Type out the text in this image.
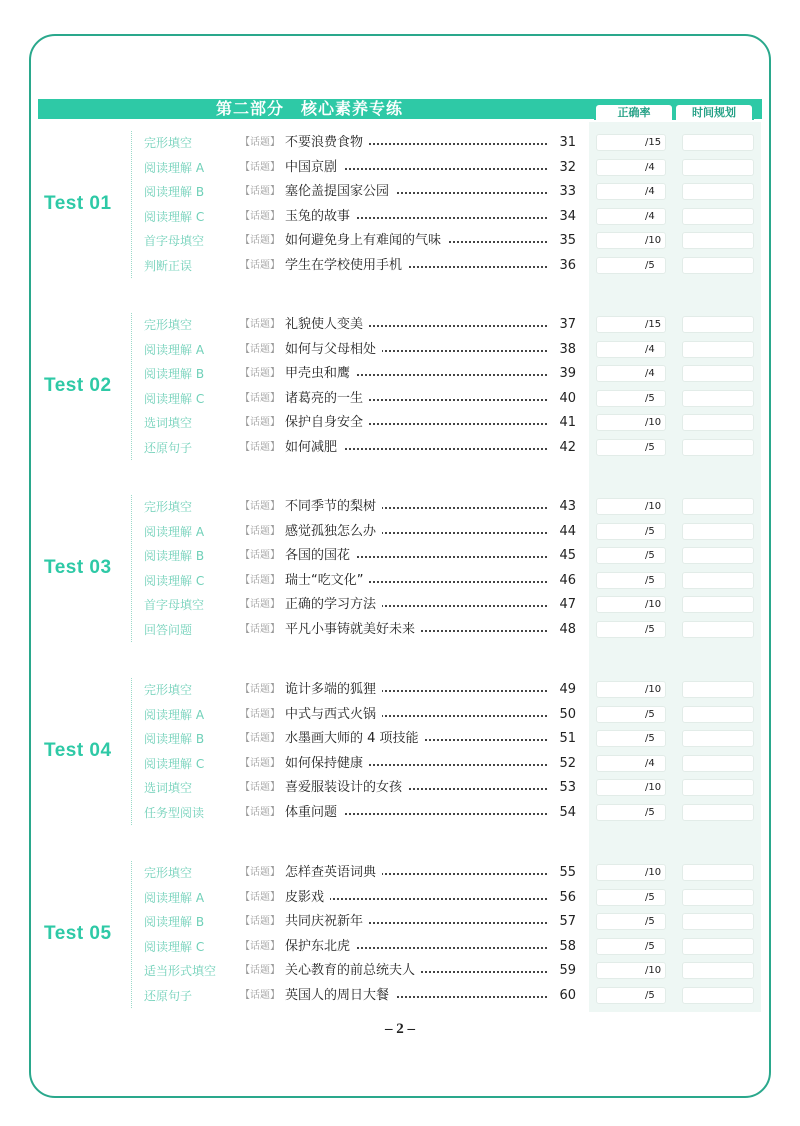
第二部分　核心素养专练	正确率	时间规划
Test 01
完形填空	【话题】 不要浪费食物	31	/15
阅读理解 A	【话题】 中国京剧	32	/4
阅读理解 B	【话题】 塞伦盖提国家公园	33	/4
阅读理解 C	【话题】 玉兔的故事	34	/4
首字母填空	【话题】 如何避免身上有难闻的气味	35	/10
判断正误	【话题】 学生在学校使用手机	36	/5
Test 02
完形填空	【话题】 礼貌使人变美	37	/15
阅读理解 A	【话题】 如何与父母相处	38	/4
阅读理解 B	【话题】 甲壳虫和鹰	39	/4
阅读理解 C	【话题】 诸葛亮的一生	40	/5
选词填空	【话题】 保护自身安全	41	/10
还原句子	【话题】 如何减肥	42	/5
Test 03
完形填空	【话题】 不同季节的梨树	43	/10
阅读理解 A	【话题】 感觉孤独怎么办	44	/5
阅读理解 B	【话题】 各国的国花	45	/5
阅读理解 C	【话题】 瑞士“吃文化”	46	/5
首字母填空	【话题】 正确的学习方法	47	/10
回答问题	【话题】 平凡小事铸就美好未来	48	/5
Test 04
完形填空	【话题】 诡计多端的狐狸	49	/10
阅读理解 A	【话题】 中式与西式火锅	50	/5
阅读理解 B	【话题】 水墨画大师的 4 项技能	51	/5
阅读理解 C	【话题】 如何保持健康	52	/4
选词填空	【话题】 喜爱服装设计的女孩	53	/10
任务型阅读	【话题】 体重问题	54	/5
Test 05
完形填空	【话题】 怎样查英语词典	55	/10
阅读理解 A	【话题】 皮影戏	56	/5
阅读理解 B	【话题】 共同庆祝新年	57	/5
阅读理解 C	【话题】 保护东北虎	58	/5
适当形式填空 【话题】 关心教育的前总统夫人	59	/10
还原句子	【话题】 英国人的周日大餐	60	/5
– 2 –
